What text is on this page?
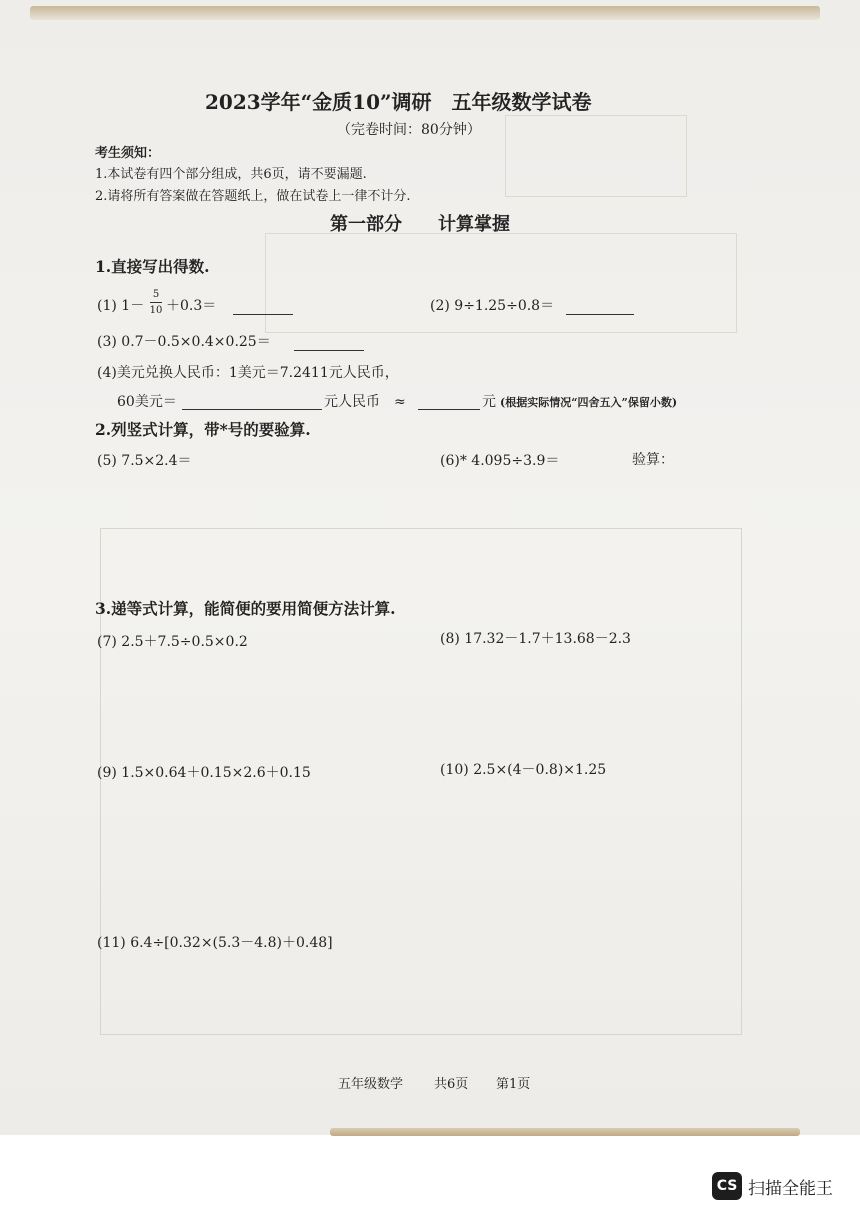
2023学年“金质10”调研　五年级数学试卷
（完卷时间：80分钟）
考生须知：
1.本试卷有四个部分组成，共6页，请不要漏题.
2.请将所有答案做在答题纸上，做在试卷上一律不计分.
第一部分　　计算掌握
1.直接写出得数.
(1) 1－
5
10 ＋0.3＝	(2) 9÷1.25÷0.8＝
(3) 0.7－0.5×0.4×0.25＝
(4)美元兑换人民币：1美元＝7.2411元人民币，
60美元＝	元人民币　≈	元 (根据实际情况“四舍五入”保留小数)
2.列竖式计算，带*号的要验算.
(5) 7.5×2.4＝	(6)* 4.095÷3.9＝	验算：
3.递等式计算，能简便的要用简便方法计算.
(7) 2.5＋7.5÷0.5×0.2	(8) 17.32－1.7＋13.68－2.3
(9) 1.5×0.64＋0.15×2.6＋0.15	(10) 2.5×(4－0.8)×1.25
(11) 6.4÷[0.32×(5.3－4.8)＋0.48]
五年级数学 共6页 第1页
CS 扫描全能王
